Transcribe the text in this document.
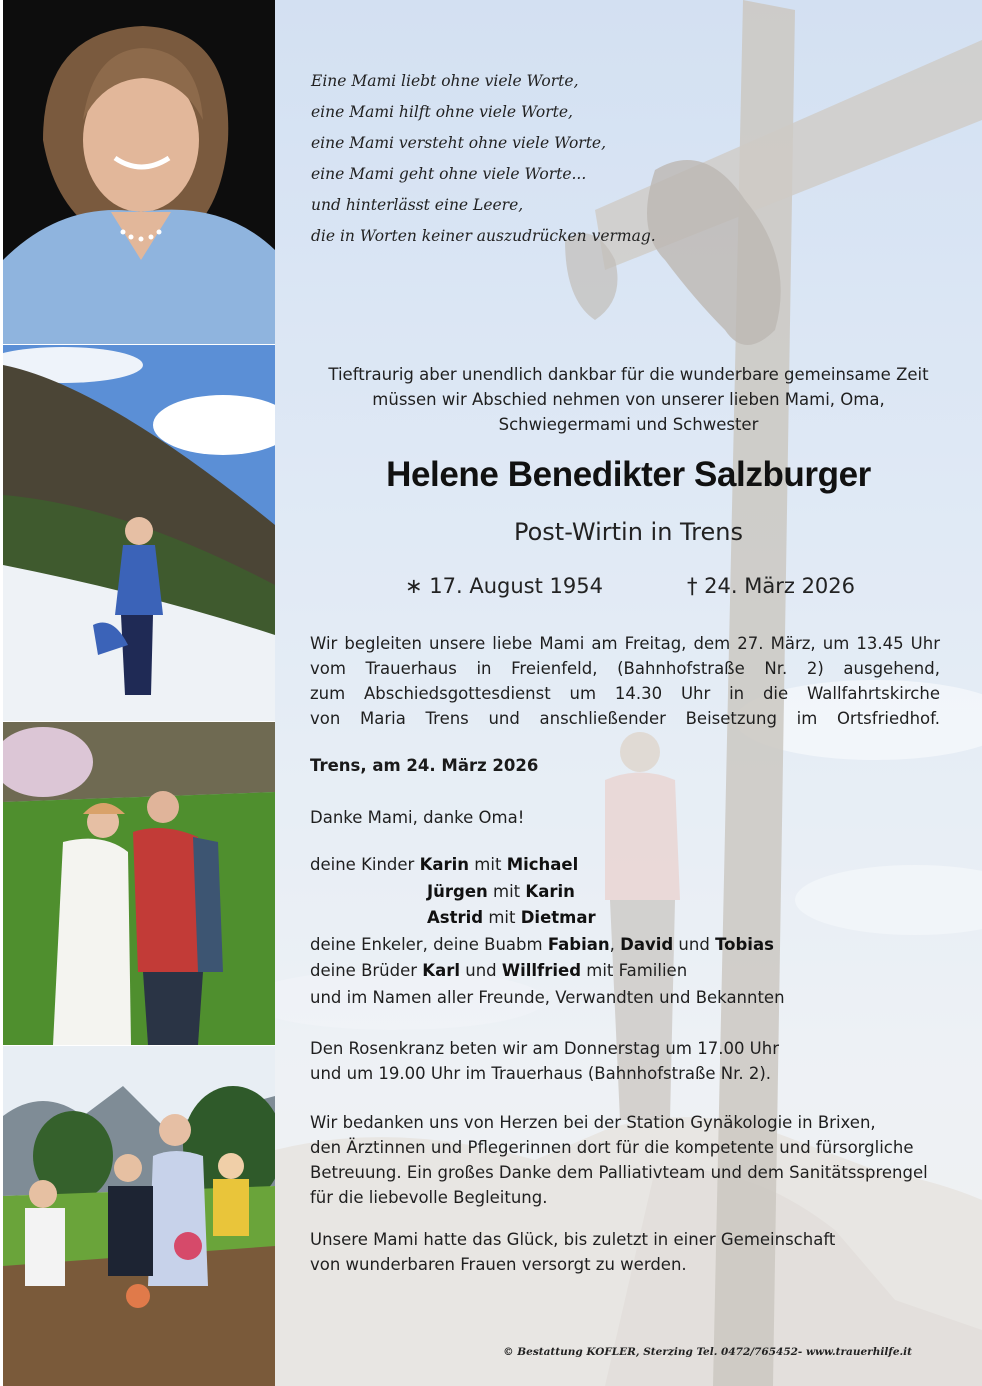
Eine Mami liebt ohne viele Worte,
eine Mami hilft ohne viele Worte,
eine Mami versteht ohne viele Worte,
eine Mami geht ohne viele Worte...
und hinterlässt eine Leere,
die in Worten keiner auszudrücken vermag.
Tieftraurig aber unendlich dankbar für die wunderbare gemeinsame Zeit
müssen wir Abschied nehmen von unserer lieben Mami, Oma,
Schwiegermami und Schwester
Helene Benedikter Salzburger
Post-Wirtin in Trens
∗ 17. August 1954	† 24. März 2026
Wir begleiten unsere liebe Mami am Freitag, dem 27. März, um 13.45 Uhr
vom Trauerhaus in Freienfeld, (Bahnhofstraße Nr. 2) ausgehend,
zum Abschiedsgottesdienst um 14.30 Uhr in die Wallfahrtskirche
von Maria Trens und anschließender Beisetzung im Ortsfriedhof.
Trens, am 24. März 2026
Danke Mami, danke Oma!
deine Kinder Karin mit Michael
Jürgen mit Karin
Astrid mit Dietmar
deine Enkeler, deine Buabm Fabian, David und Tobias
deine Brüder Karl und Willfried mit Familien
und im Namen aller Freunde, Verwandten und Bekannten
Den Rosenkranz beten wir am Donnerstag um 17.00 Uhr
und um 19.00 Uhr im Trauerhaus (Bahnhofstraße Nr. 2).
Wir bedanken uns von Herzen bei der Station Gynäkologie in Brixen,
den Ärztinnen und Pflegerinnen dort für die kompetente und fürsorgliche
Betreuung. Ein großes Danke dem Palliativteam und dem Sanitätssprengel
für die liebevolle Begleitung.
Unsere Mami hatte das Glück, bis zuletzt in einer Gemeinschaft
von wunderbaren Frauen versorgt zu werden.
© Bestattung KOFLER, Sterzing Tel. 0472/765452- www.trauerhilfe.it
